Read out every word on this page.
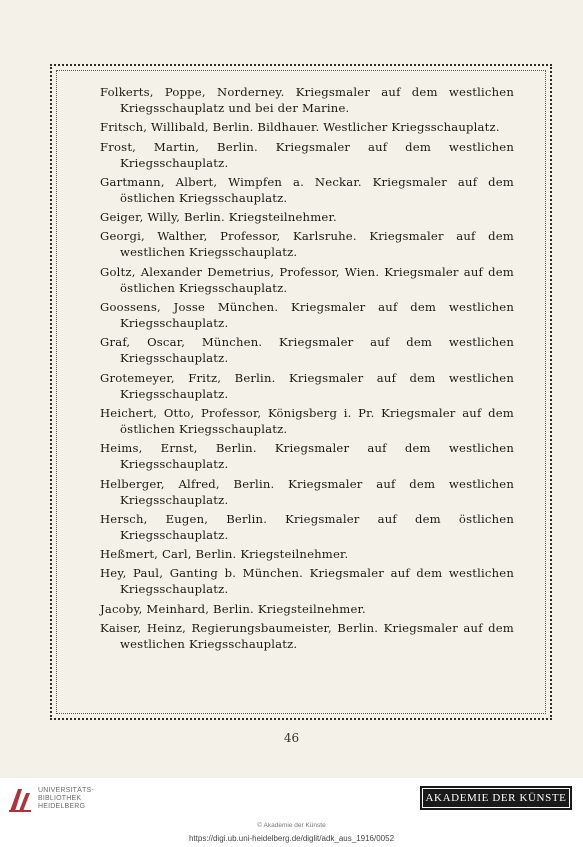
Folkerts, Poppe, Norderney. Kriegsmaler auf dem westlichen Kriegsschauplatz und bei der Marine.
Fritsch, Willibald, Berlin. Bildhauer. Westlicher Kriegsschauplatz.
Frost, Martin, Berlin. Kriegsmaler auf dem westlichen Kriegsschauplatz.
Gartmann, Albert, Wimpfen a. Neckar. Kriegsmaler auf dem östlichen Kriegsschauplatz.
Geiger, Willy, Berlin. Kriegsteilnehmer.
Georgi, Walther, Professor, Karlsruhe. Kriegsmaler auf dem westlichen Kriegsschauplatz.
Goltz, Alexander Demetrius, Professor, Wien. Kriegsmaler auf dem östlichen Kriegsschauplatz.
Goossens, Josse München. Kriegsmaler auf dem westlichen Kriegsschauplatz.
Graf, Oscar, München. Kriegsmaler auf dem westlichen Kriegsschauplatz.
Grotemeyer, Fritz, Berlin. Kriegsmaler auf dem westlichen Kriegsschauplatz.
Heichert, Otto, Professor, Königsberg i. Pr. Kriegsmaler auf dem östlichen Kriegsschauplatz.
Heims, Ernst, Berlin. Kriegsmaler auf dem westlichen Kriegsschauplatz.
Helberger, Alfred, Berlin. Kriegsmaler auf dem westlichen Kriegsschauplatz.
Hersch, Eugen, Berlin. Kriegsmaler auf dem östlichen Kriegsschauplatz.
Heßmert, Carl, Berlin. Kriegsteilnehmer.
Hey, Paul, Ganting b. München. Kriegsmaler auf dem westlichen Kriegsschauplatz.
Jacoby, Meinhard, Berlin. Kriegsteilnehmer.
Kaiser, Heinz, Regierungsbaumeister, Berlin. Kriegsmaler auf dem westlichen Kriegsschauplatz.
46
UNIVERSITÄTS-
BIBLIOTHEK
HEIDELBERG
AKADEMIE DER KÜNSTE
© Akademie der Künste
https://digi.ub.uni-heidelberg.de/diglit/adk_aus_1916/0052
